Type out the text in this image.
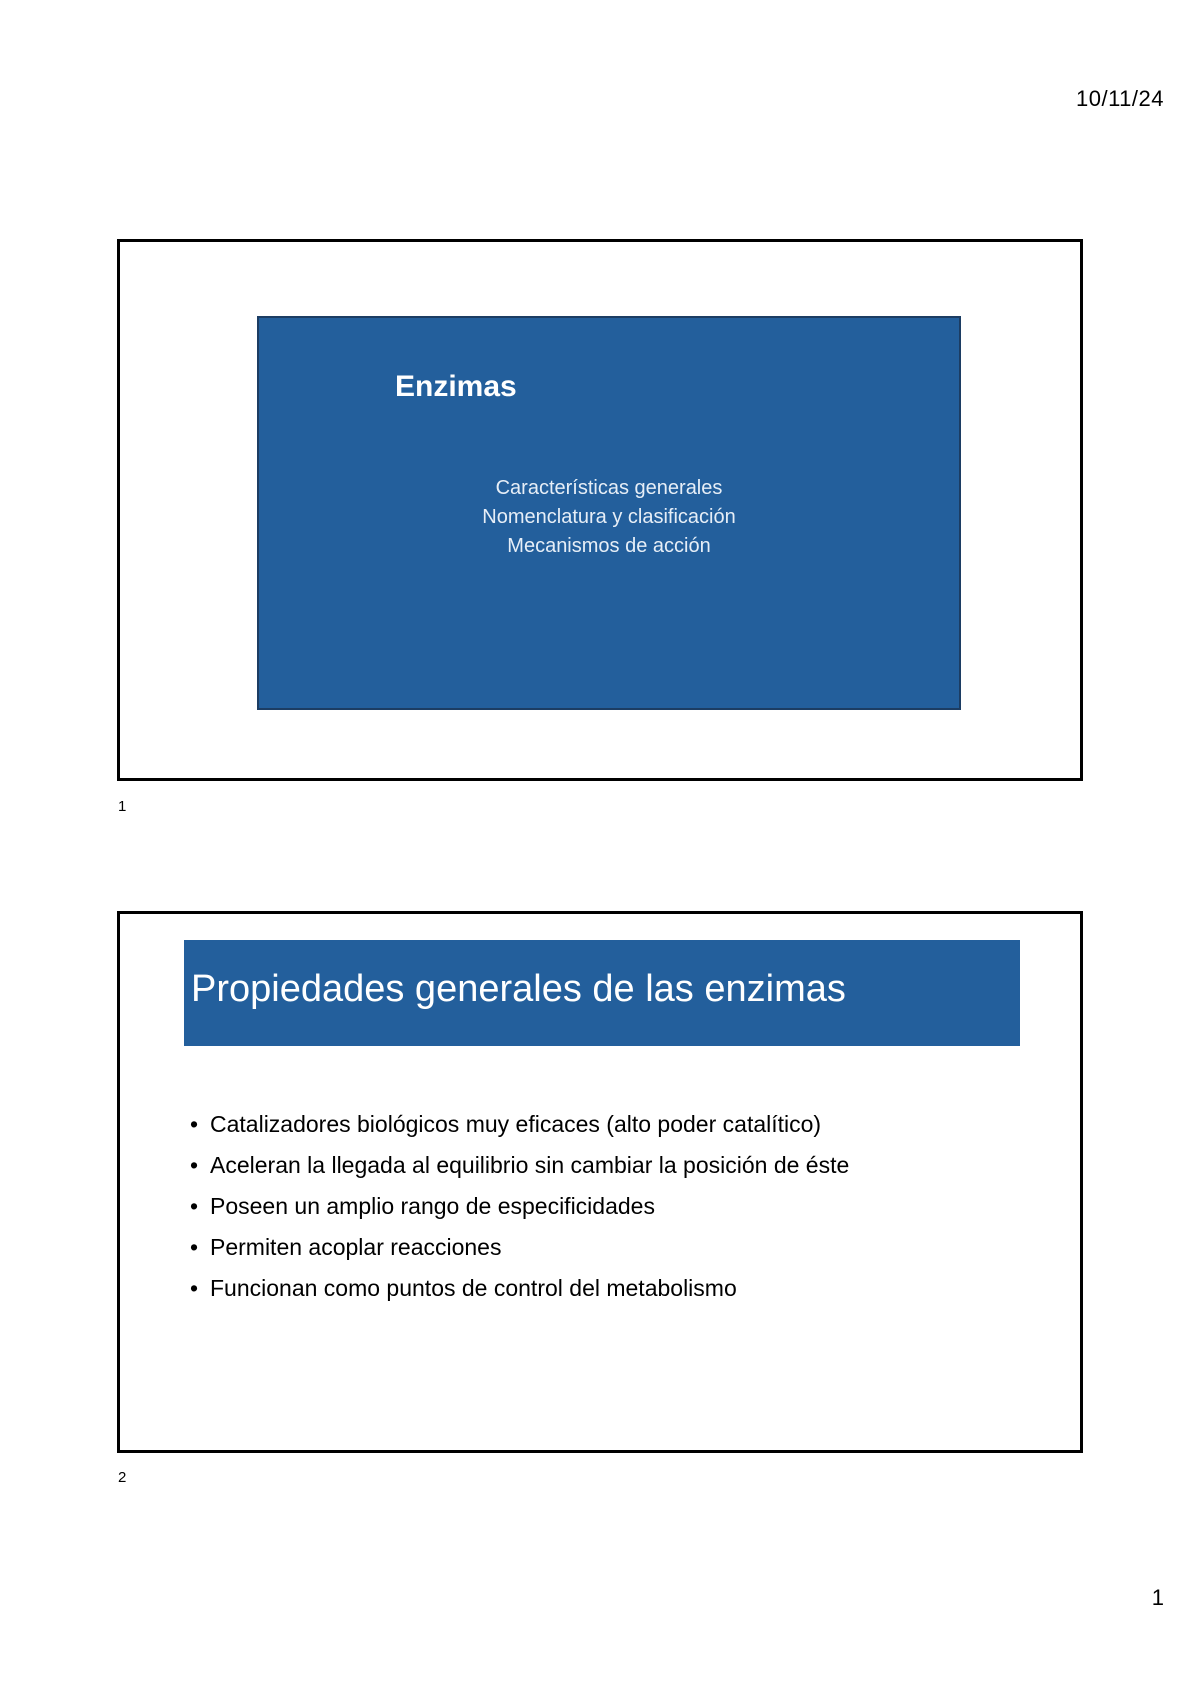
10/11/24
Enzimas
Características generales
Nomenclatura y clasificación
Mecanismos de acción
1
Propiedades generales de las enzimas
• Catalizadores biológicos muy eficaces (alto poder catalítico)
• Aceleran la llegada al equilibrio sin cambiar la posición de éste
• Poseen un amplio rango de especificidades
• Permiten acoplar reacciones
• Funcionan como puntos de control del metabolismo
2
1
